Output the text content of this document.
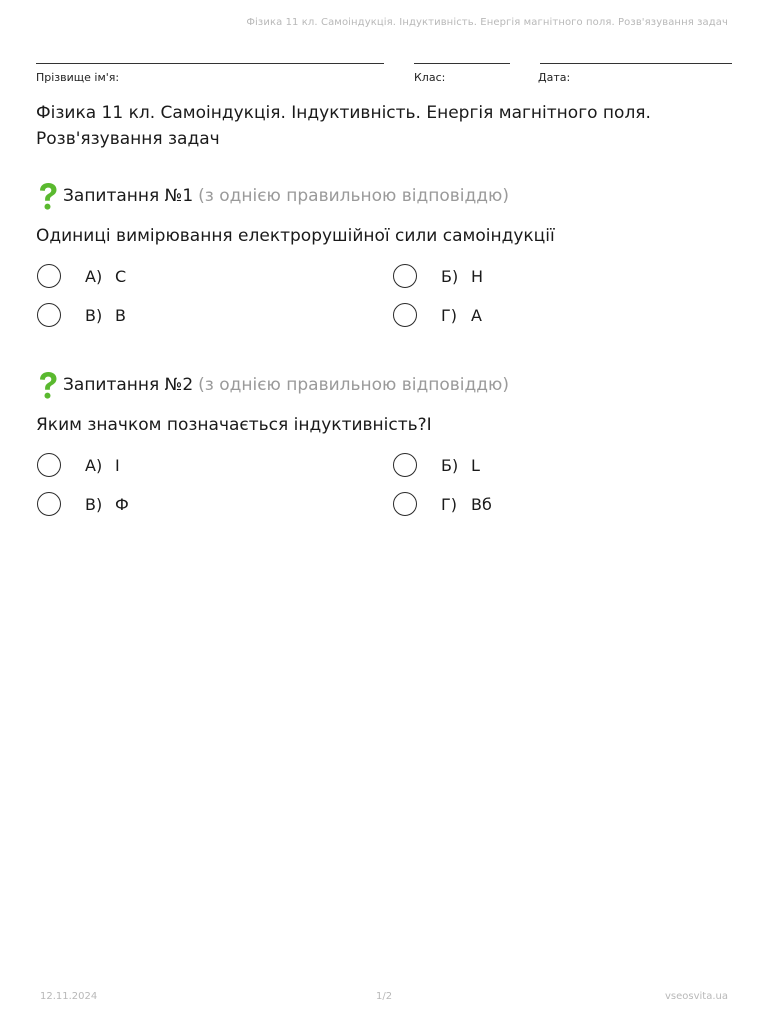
Фізика 11 кл. Самоіндукція. Індуктивність. Енергія магнітного поля. Розв'язування задач
Прізвище ім'я:	Клас:	Дата:
Фізика 11 кл. Самоіндукція. Індуктивність. Енергія магнітного поля.
Розв'язування задач
Запитання №1 (з однією правильною відповіддю)
Одиниці вимірювання електрорушійної сили самоіндукції
А) С	Б) Н
В) В	Г) А
Запитання №2 (з однією правильною відповіддю)
Яким значком позначається індуктивність?І
А) І	Б) L
В) Ф	Г) Вб
12.11.2024	1/2	vseosvita.ua
